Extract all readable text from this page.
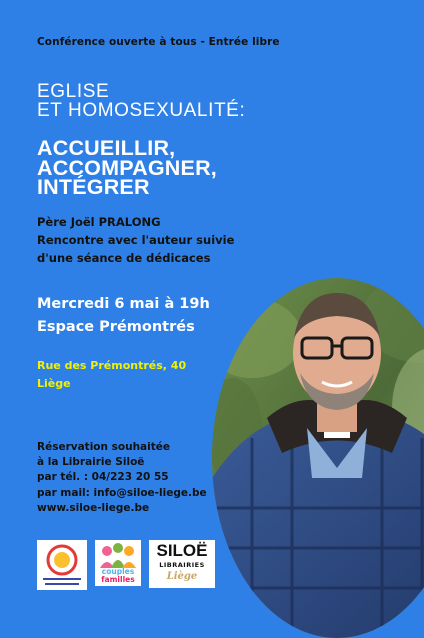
Conférence ouverte à tous - Entrée libre
EGLISE
ET HOMOSEXUALITÉ:
ACCUEILLIR,
ACCOMPAGNER,
INTÉGRER
Père Joël PRALONG
Rencontre avec l'auteur suivie
d'une séance de dédicaces
Mercredi 6 mai à 19h
Espace Prémontrés
Rue des Prémontrés, 40
Liège
Réservation souhaitée
à la Librairie Siloë
par tél. : 04/223 20 55
par mail: info@siloe-liege.be
www.siloe-liege.be
couples
familles
SILOË
LIBRAIRIES
Liège
